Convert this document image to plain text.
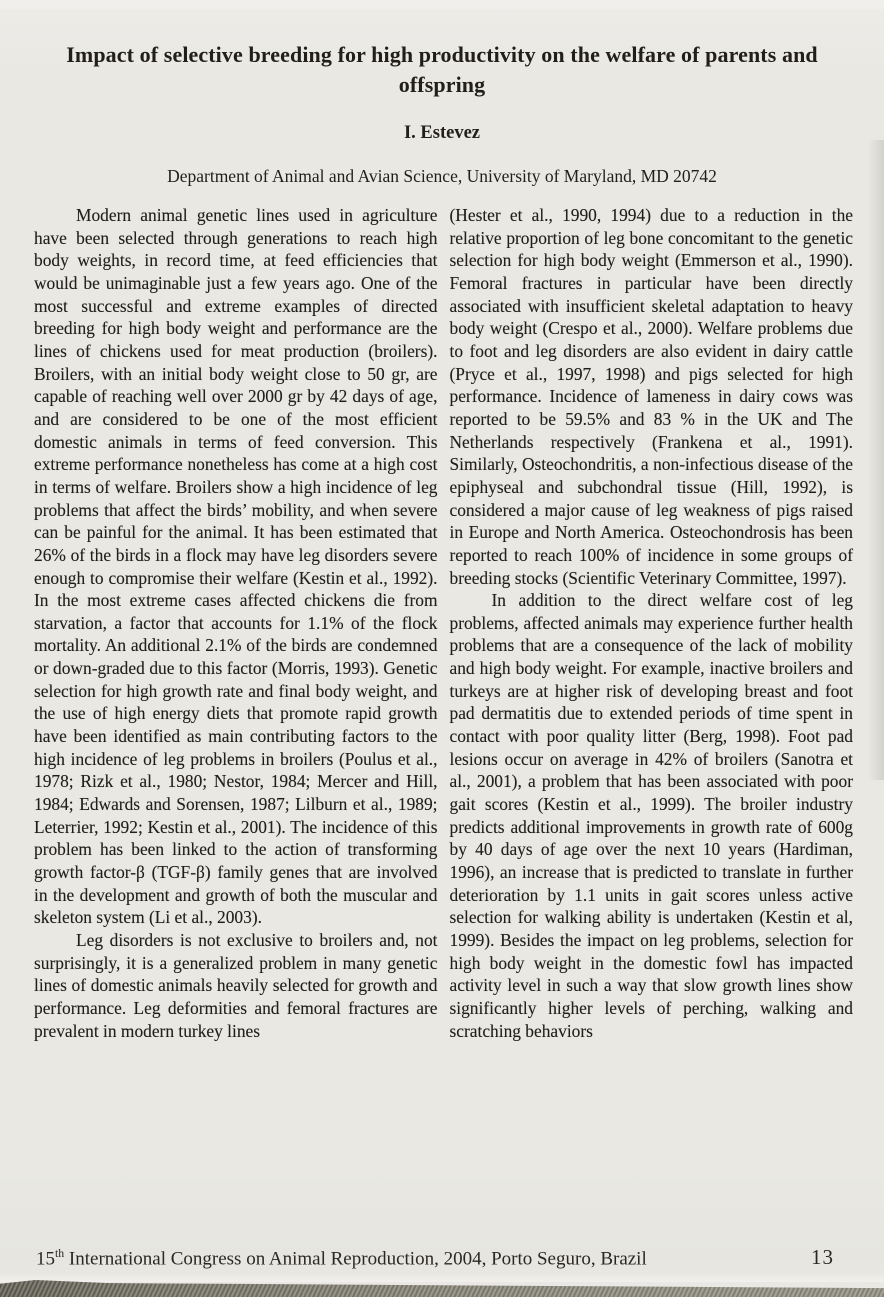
Impact of selective breeding for high productivity on the welfare of parents and offspring
I. Estevez
Department of Animal and Avian Science, University of Maryland, MD 20742

Modern animal genetic lines used in agriculture have been selected through generations to reach high body weights, in record time, at feed efficiencies that would be unimaginable just a few years ago. One of the most successful and extreme examples of directed breeding for high body weight and performance are the lines of chickens used for meat production (broilers). Broilers, with an initial body weight close to 50 gr, are capable of reaching well over 2000 gr by 42 days of age, and are considered to be one of the most efficient domestic animals in terms of feed conversion. This extreme performance nonetheless has come at a high cost in terms of welfare. Broilers show a high incidence of leg problems that affect the birds’ mobility, and when severe can be painful for the animal. It has been estimated that 26% of the birds in a flock may have leg disorders severe enough to compromise their welfare (Kestin et al., 1992). In the most extreme cases affected chickens die from starvation, a factor that accounts for 1.1% of the flock mortality. An additional 2.1% of the birds are condemned or down-graded due to this factor (Morris, 1993). Genetic selection for high growth rate and final body weight, and the use of high energy diets that promote rapid growth have been identified as main contributing factors to the high incidence of leg problems in broilers (Poulus et al., 1978; Rizk et al., 1980; Nestor, 1984; Mercer and Hill, 1984; Edwards and Sorensen, 1987; Lilburn et al., 1989; Leterrier, 1992; Kestin et al., 2001). The incidence of this problem has been linked to the action of transforming growth factor-β (TGF-β) family genes that are involved in the development and growth of both the muscular and skeleton system (Li et al., 2003).

Leg disorders is not exclusive to broilers and, not surprisingly, it is a generalized problem in many genetic lines of domestic animals heavily selected for growth and performance. Leg deformities and femoral fractures are prevalent in modern turkey lines

(Hester et al., 1990, 1994) due to a reduction in the relative proportion of leg bone concomitant to the genetic selection for high body weight (Emmerson et al., 1990). Femoral fractures in particular have been directly associated with insufficient skeletal adaptation to heavy body weight (Crespo et al., 2000). Welfare problems due to foot and leg disorders are also evident in dairy cattle (Pryce et al., 1997, 1998) and pigs selected for high performance. Incidence of lameness in dairy cows was reported to be 59.5% and 83 % in the UK and The Netherlands respectively (Frankena et al., 1991). Similarly, Osteochondritis, a non-infectious disease of the epiphyseal and subchondral tissue (Hill, 1992), is considered a major cause of leg weakness of pigs raised in Europe and North America. Osteochondrosis has been reported to reach 100% of incidence in some groups of breeding stocks (Scientific Veterinary Committee, 1997).

In addition to the direct welfare cost of leg problems, affected animals may experience further health problems that are a consequence of the lack of mobility and high body weight. For example, inactive broilers and turkeys are at higher risk of developing breast and foot pad dermatitis due to extended periods of time spent in contact with poor quality litter (Berg, 1998). Foot pad lesions occur on average in 42% of broilers (Sanotra et al., 2001), a problem that has been associated with poor gait scores (Kestin et al., 1999). The broiler industry predicts additional improvements in growth rate of 600g by 40 days of age over the next 10 years (Hardiman, 1996), an increase that is predicted to translate in further deterioration by 1.1 units in gait scores unless active selection for walking ability is undertaken (Kestin et al, 1999). Besides the impact on leg problems, selection for high body weight in the domestic fowl has impacted activity level in such a way that slow growth lines show significantly higher levels of perching, walking and scratching behaviors

15th International Congress on Animal Reproduction, 2004, Porto Seguro, Brazil	13
